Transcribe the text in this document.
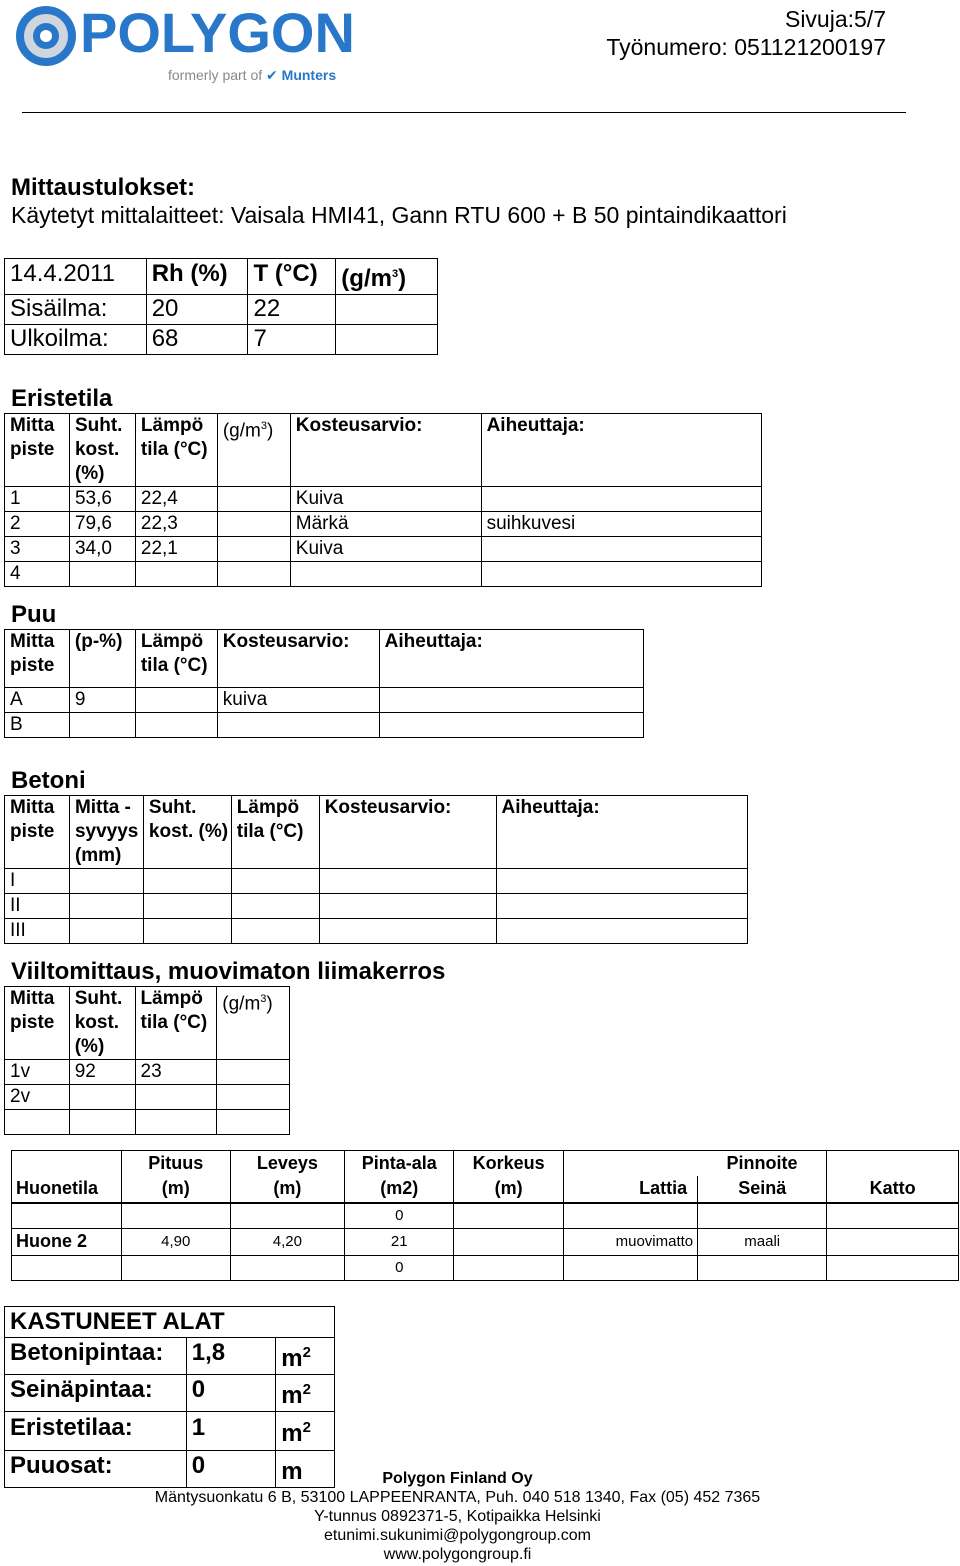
POLYGON
formerly part of ✔ Munters
Sivuja:5/7
Työnumero: 051121200197
Mittaustulokset:
Käytetyt mittalaitteet: Vaisala HMI41, Gann RTU 600 + B 50 pintaindikaattori
14.4.2011	Rh (%)	T (°C)	$(g/m^3)$
Sisäilma:	20	22	
Ulkoilma:	68	7	
Eristetila
Mitta piste	Suht. kost. (%)	Lämpö tila (°C)	$(g/m^3)$	Kosteusarvio:	Aiheuttaja:
1	53,6	22,4		Kuiva	
2	79,6	22,3		Märkä	suihkuvesi
3	34,0	22,1		Kuiva	
4					
Puu
Mitta piste	(p-%)	Lämpö tila (°C)	Kosteusarvio:	Aiheuttaja:
A	9		kuiva	
B				
Betoni
Mitta piste	Mitta - syvyys (mm)	Suht. kost. (%)	Lämpö tila (°C)	Kosteusarvio:	Aiheuttaja:
I					
II					
III					
Viiltomittaus, muovimaton liimakerros
Mitta piste	Suht. kost. (%)	Lämpö tila (°C)	$(g/m^3)$
1v	92	23	
2v			

	Pituus	Leveys	Pinta-ala	Korkeus		Pinnoite	
Huonetila	(m)	(m)	(m2)	(m)	Lattia	Seinä	Katto
			0				
Huone 2	4,90	4,20	21		muovimatto	maali	
			0				
KASTUNEET ALAT		
Betonipintaa:	1,8	$m^2$
Seinäpintaa:	0	$m^2$
Eristetilaa:	1	$m^2$
Puuosat:	0	m	Polygon Finland Oy
Mäntysuonkatu 6 B, 53100 LAPPEENRANTA, Puh. 040 518 1340, Fax (05) 452 7365
Y-tunnus 0892371-5, Kotipaikka Helsinki
etunimi.sukunimi@polygongroup.com
www.polygongroup.fi
